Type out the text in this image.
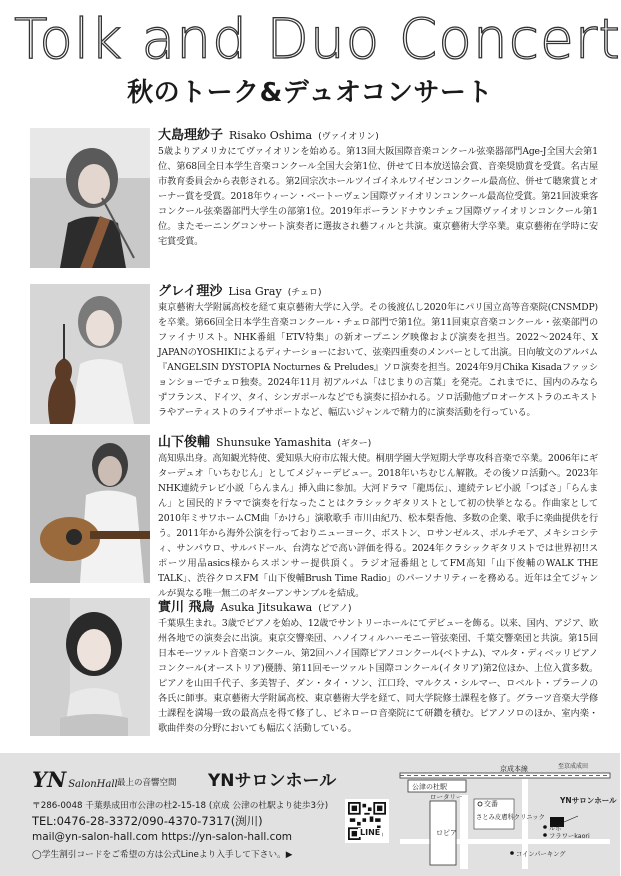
Tolk and Duo Concert
秋のトーク&デュオコンサート
大島理紗子 Risako Oshima (ヴァイオリン)

5歳よりアメリカにてヴァイオリンを始める。第13回大阪国際音楽コンクール弦楽器部門Age-J全国大会第1位、第68回全日本学生音楽コンクール全国大会第1位、併せて日本放送協会賞、音楽奨励賞を受賞。名古屋市教育委員会から表彰される。第2回宗次ホールツイゴイネルワイゼンコンクール最高位、併せて聴衆賞とオーナー賞を受賞。2018年ウィーン・ベートーヴェン国際ヴァイオリンコンクール最高位受賞。第21回波乗客コンクール弦楽器部門大学生の部第1位。2019年ポーランドナウンチェフ国際ヴァイオリンコンクール第1位。またモーニングコンサート演奏者に選抜され藝フィルと共演。東京藝術大学卒業。東京藝術在学時に安宅賞受賞。

グレイ理沙 Lisa Gray (チェロ)

東京藝術大学附属高校を経て東京藝術大学に入学。その後渡仏し2020年にパリ国立高等音楽院(CNSMDP)を卒業。第66回全日本学生音楽コンクール・チェロ部門で第1位。第11回東京音楽コンクール・弦楽部門のファイナリスト。NHK番組「ETV特集」の新オープニング映像および演奏を担当。2022〜2024年、X JAPANのYOSHIKIによるディナーショーにおいて、弦楽四重奏のメンバーとして出演。日向敏文のアルバム『ANGELSIN DYSTOPIA Nocturnes & Preludes』ソロ演奏を担当。2024年9月Chika Kisadaファッションショーでチェロ独奏。2024年11月 初アルバム「はじまりの言葉」を発売。これまでに、国内のみならずフランス、ドイツ、タイ、シンガポールなどでも演奏に招かれる。ソロ活動他プロオーケストラのエキストラやアーティストのライブサポートなど、幅広いジャンルで精力的に演奏活動を行っている。

山下俊輔 Shunsuke Yamashita (ギター)

高知県出身。高知観光特使、愛知県大府市広報大使。桐朋学園大学短期大学専攻科音楽で卒業。2006年にギターデュオ「いちむじん」としてメジャーデビュー。2018年いちむじん解散。その後ソロ活動へ。2023年NHK連続テレビ小説「らんまん」挿入曲に参加。大河ドラマ「龍馬伝」、連続テレビ小説「つばさ」「らんまん」と国民的ドラマで演奏を行なったことはクラシックギタリストとして初の快挙となる。作曲家として2010年ミサワホームCM曲「かけら」演歌歌手 市川由紀乃、松本梨香他、多数の企業、歌手に楽曲提供を行う。2011年から海外公演を行っておりニューヨーク、ボストン、ロサンゼルス、ポルチモア、メキシコシティ、サンパウロ、サルバドール、台湾などで高い評価を得る。2024年クラシックギタリストでは世界初!!スポーツ用品asics様からスポンサー提供頂く。ラジオ冠番組としてFM高知「山下俊輔のWALK THE TALK」、渋谷クロスFM「山下俊輔Brush Time Radio」のパーソナリティーを務める。近年は全てジャンルが異なる唯一無二のギターアンサンブルを結成。

實川 飛鳥 Asuka Jitsukawa (ピアノ)

千葉県生まれ。3歳でピアノを始め、12歳でサントリーホールにてデビューを飾る。以来、国内、アジア、欧州各地での演奏会に出演。東京交響楽団、ハノイフィルハーモニー管弦楽団、千葉交響楽団と共演。第15回日本モーツァルト音楽コンクール、第2回ハノイ国際ピアノコンクール(ベトナム)、マルタ・ディベッリピアノコンクール(オーストリア)優勝、第11回モーツァルト国際コンクール(イタリア)第2位ほか、上位入賞多数。ピアノを山田千代子、多美智子、ダン・タイ・ソン、江口玲、マルクス・シルマー、ロベルト・プラーノの各氏に師事。東京藝術大学附属高校、東京藝術大学を経て、同大学院修士課程を修了。グラーツ音楽大学修士課程を満場一致の最高点を得て修了し、ピネローロ音楽院にて研鑽を積む。ピアノソロのほか、室内楽・歌曲伴奏の分野においても幅広く活動している。

YN SalonHall 最上の音響空間 YNサロンホール
〒286-0048 千葉県成田市公津の杜2-15-18 (京成 公津の杜駅より徒歩3分)
TEL:0476-28-3372/090-4370-7317(渕川)
mail@yn-salon-hall.com https://yn-salon-hall.com
◯学生割引コードをご希望の方は公式Lineより入手して下さい。▶
LINE
京成本線	至京成成田
公津の杜駅
ロータリー
交番
さとみ皮膚科クリニック
YNサロンホール
ルポ
フラワーkaori
コインパーキング
ロピア
